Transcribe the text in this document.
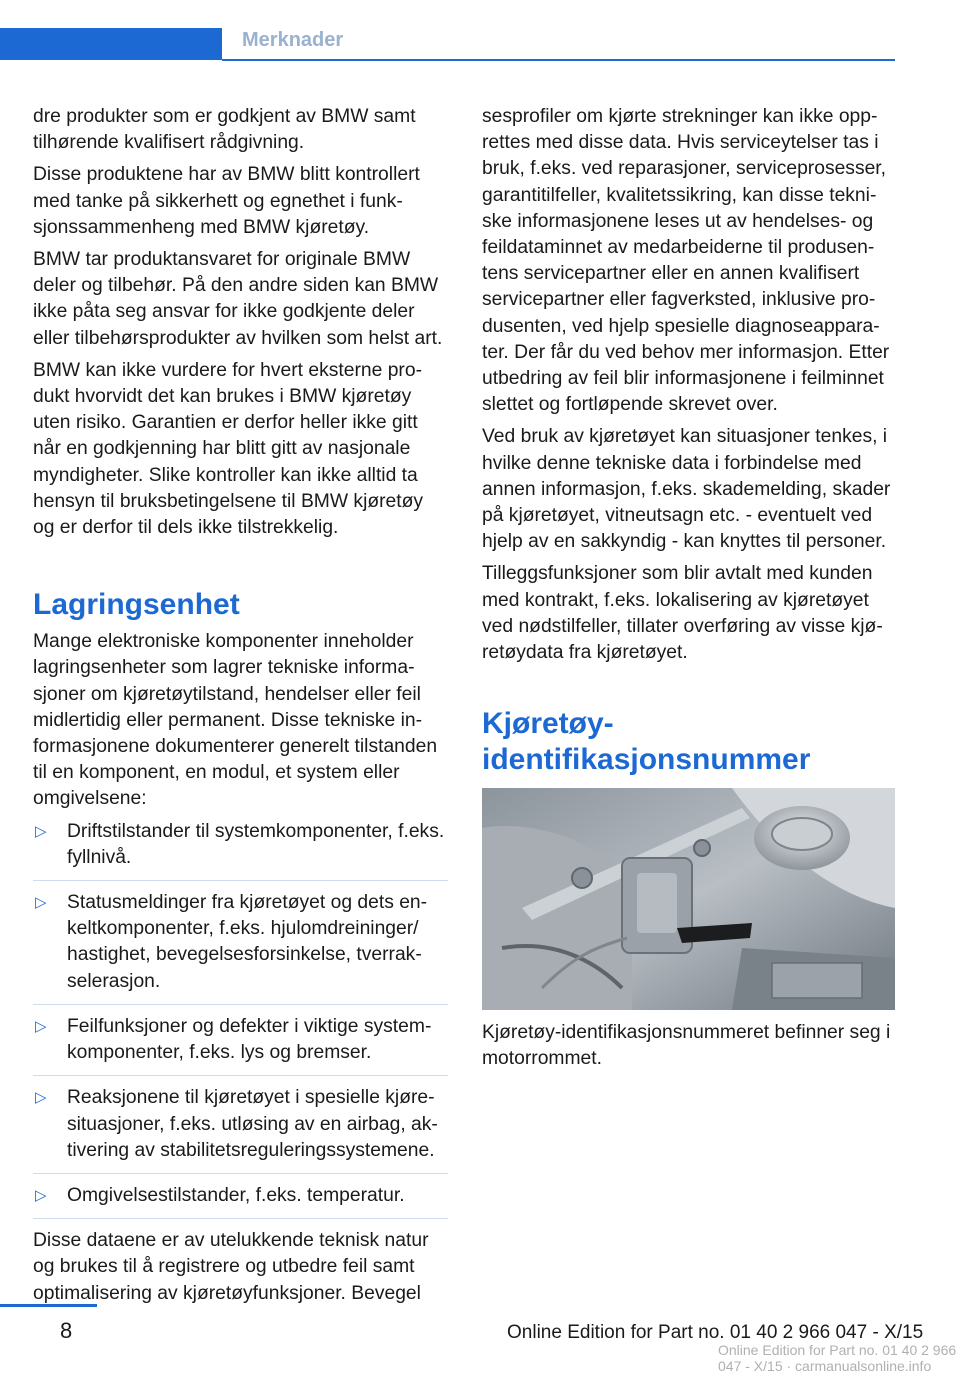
Merknader

dre produkter som er godkjent av BMW samt tilhørende kvalifisert rådgivning.

Disse produktene har av BMW blitt kontrollert med tanke på sikkerhett og egnethet i funksjonssammenheng med BMW kjøretøy.

BMW tar produktansvaret for originale BMW deler og tilbehør. På den andre siden kan BMW ikke påta seg ansvar for ikke godkjente deler eller tilbehørsprodukter av hvilken som helst art.

BMW kan ikke vurdere for hvert eksterne produkt hvorvidt det kan brukes i BMW kjøretøy uten risiko. Garantien er derfor heller ikke gitt når en godkjenning har blitt gitt av nasjonale myndigheter. Slike kontroller kan ikke alltid ta hensyn til bruksbetingelsene til BMW kjøretøy og er derfor til dels ikke tilstrekkelig.

Lagringsenhet

Mange elektroniske komponenter inneholder lagringsenheter som lagrer tekniske informasjoner om kjøretøytilstand, hendelser eller feil midlertidig eller permanent. Disse tekniske informasjonene dokumenterer generelt tilstanden til en komponent, en modul, et system eller omgivelsene:

▷ Driftstilstander til systemkomponenter, f.eks. fyllnivå.
▷ Statusmeldinger fra kjøretøyet og dets enkeltkomponenter, f.eks. hjulomdreininger/ hastighet, bevegelsesforsinkelse, tverrakselerasjon.
▷ Feilfunksjoner og defekter i viktige systemkomponenter, f.eks. lys og bremser.
▷ Reaksjonene til kjøretøyet i spesielle kjøresituasjoner, f.eks. utløsing av en airbag, aktivering av stabilitetsreguleringssystemene.
▷ Omgivelsestilstander, f.eks. temperatur.

Disse dataene er av utelukkende teknisk natur og brukes til å registrere og utbedre feil samt optimalisering av kjøretøyfunksjoner. Bevegel

sesprofiler om kjørte strekninger kan ikke opprettes med disse data. Hvis serviceytelser tas i bruk, f.eks. ved reparasjoner, serviceprosesser, garantitilfeller, kvalitetssikring, kan disse tekniske informasjonene leses ut av hendelses- og feildataminnet av medarbeiderne til produsentens servicepartner eller en annen kvalifisert servicepartner eller fagverksted, inklusive produsenten, ved hjelp spesielle diagnoseapparater. Der får du ved behov mer informasjon. Etter utbedring av feil blir informasjonene i feilminnet slettet og fortløpende skrevet over.

Ved bruk av kjøretøyet kan situasjoner tenkes, i hvilke denne tekniske data i forbindelse med annen informasjon, f.eks. skademelding, skader på kjøretøyet, vitneutsagn etc. - eventuelt ved hjelp av en sakkyndig - kan knyttes til personer.

Tilleggsfunksjoner som blir avtalt med kunden med kontrakt, f.eks. lokalisering av kjøretøyet ved nødstilfeller, tillater overføring av visse kjøretøydata fra kjøretøyet.

Kjøretøy-identifikasjonsnummer

Kjøretøy-identifikasjonsnummeret befinner seg i motorrommet.

8	Online Edition for Part no. 01 40 2 966 047 - X/15
Online Edition for Part no. 01 40 2 966 047 - X/15 · carmanualsonline.info
